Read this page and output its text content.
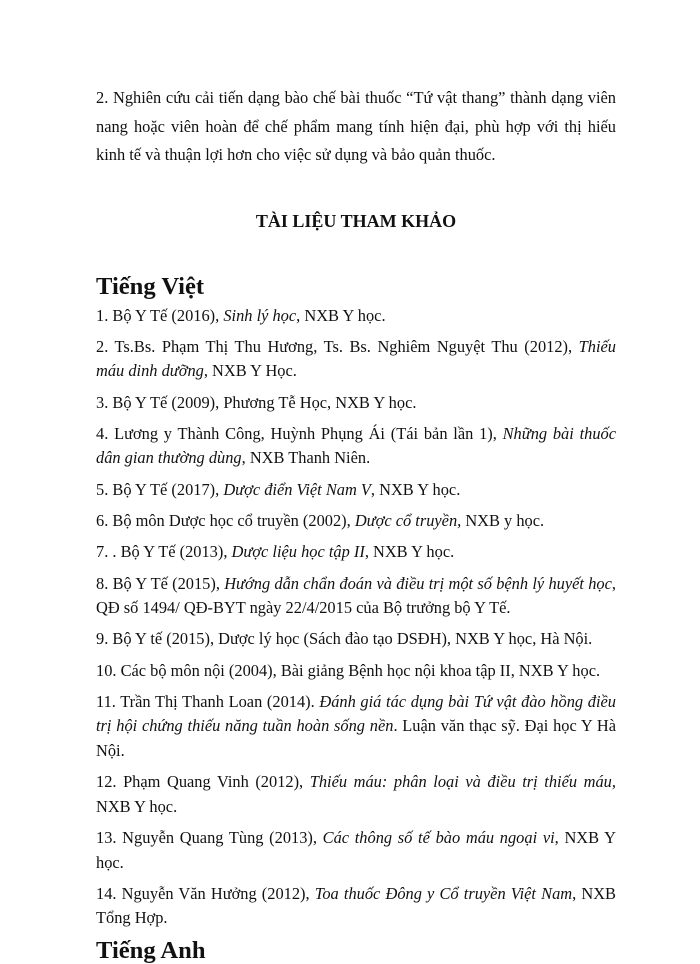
2. Nghiên cứu cải tiến dạng bào chế bài thuốc “Tứ vật thang” thành dạng viên nang hoặc viên hoàn để chế phẩm mang tính hiện đại, phù hợp với thị hiếu kinh tế và thuận lợi hơn cho việc sử dụng và bảo quản thuốc.

TÀI LIỆU THAM KHẢO
Tiếng Việt
1. Bộ Y Tế (2016), Sinh lý học, NXB Y học.
2. Ts.Bs. Phạm Thị Thu Hương, Ts. Bs. Nghiêm Nguyệt Thu (2012), Thiếu máu dinh dưỡng, NXB Y Học.
3. Bộ Y Tế (2009), Phương Tễ Học, NXB Y học.
4. Lương y Thành Công, Huỳnh Phụng Ái (Tái bản lần 1), Những bài thuốc dân gian thường dùng, NXB Thanh Niên.
5. Bộ Y Tế (2017), Dược điển Việt Nam V, NXB Y học.
6. Bộ môn Dược học cổ truyền (2002), Dược cổ truyền, NXB y học.
7. . Bộ Y Tế (2013), Dược liệu học tập II, NXB Y học.
8. Bộ Y Tế (2015), Hướng dẫn chẩn đoán và điều trị một số bệnh lý huyết học, QĐ số 1494/ QĐ-BYT ngày 22/4/2015 của Bộ trưởng bộ Y Tế.
9. Bộ Y tế (2015), Dược lý học (Sách đào tạo DSĐH), NXB Y học, Hà Nội.
10. Các bộ môn nội (2004), Bài giảng Bệnh học nội khoa tập II, NXB Y học.
11. Trần Thị Thanh Loan (2014). Đánh giá tác dụng bài Tứ vật đào hồng điều trị hội chứng thiếu năng tuần hoàn sống nền. Luận văn thạc sỹ. Đại học Y Hà Nội.
12. Phạm Quang Vinh (2012), Thiếu máu: phân loại và điều trị thiếu máu, NXB Y học.
13. Nguyễn Quang Tùng (2013), Các thông số tế bào máu ngoại vi, NXB Y học.
14. Nguyễn Văn Hưởng (2012), Toa thuốc Đông y Cổ truyền Việt Nam, NXB Tổng Hợp.
Tiếng Anh
